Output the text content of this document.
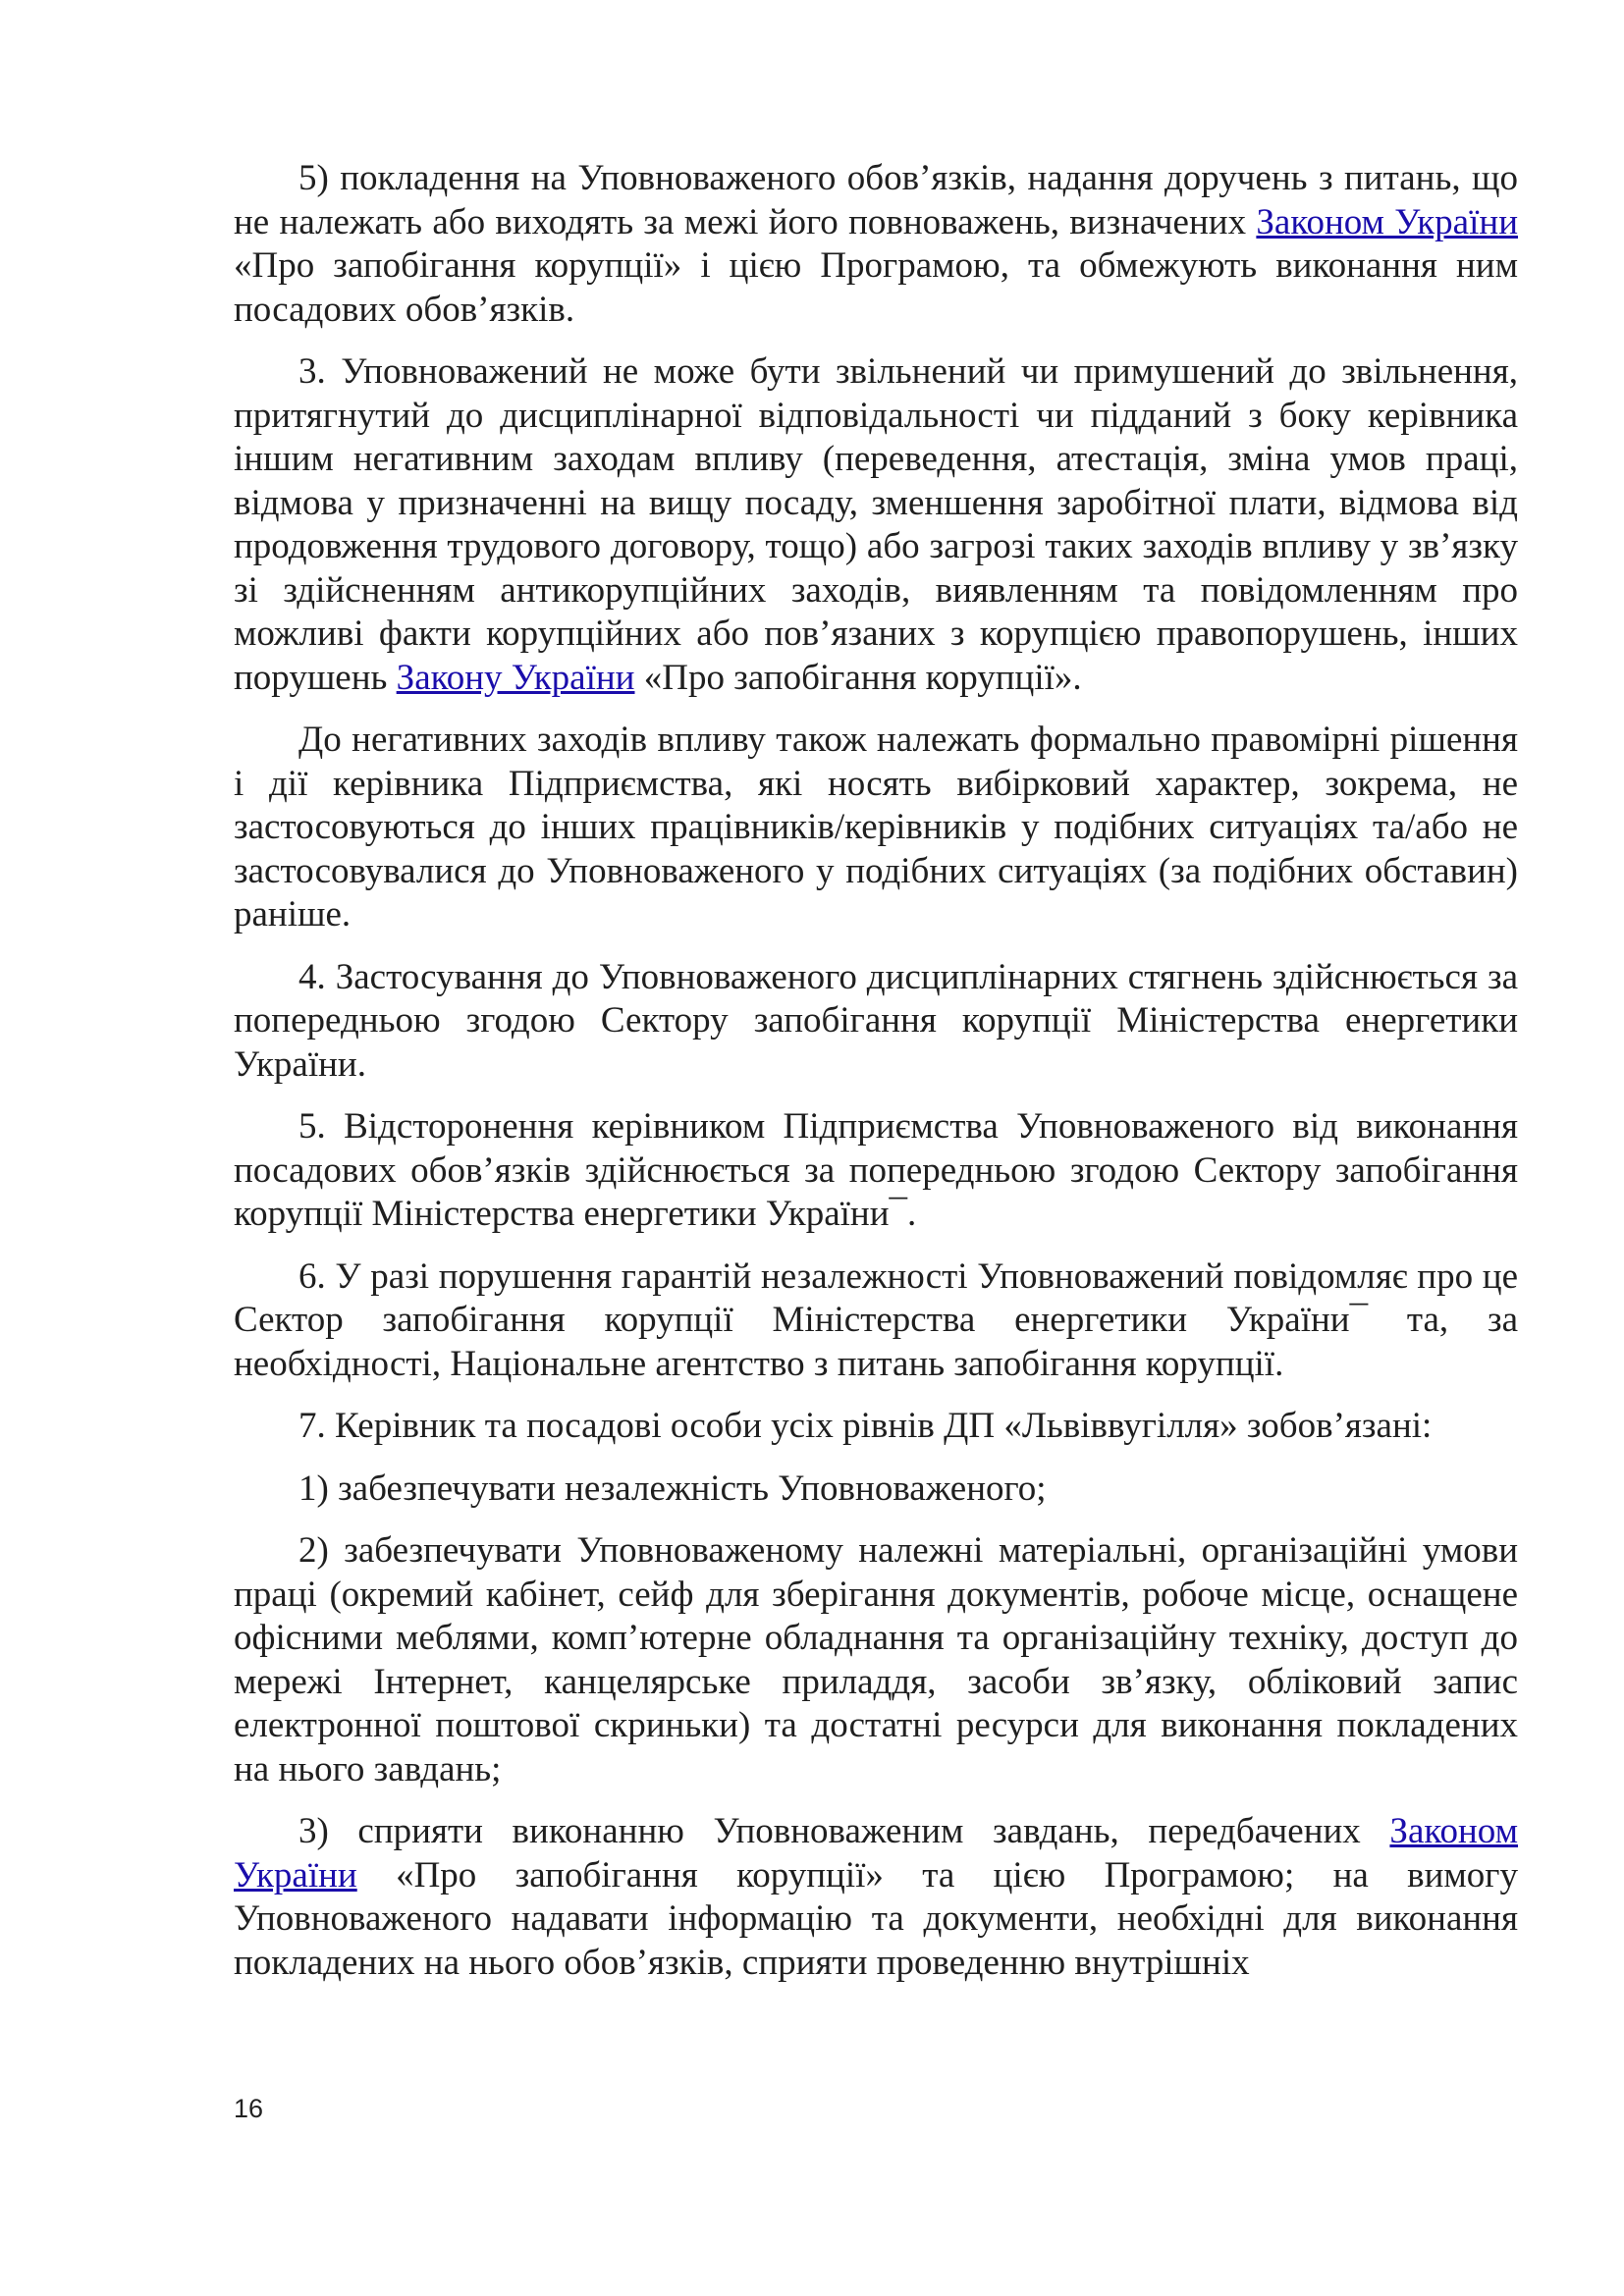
5) покладення на Уповноваженого обов’язків, надання доручень з питань, що не належать або виходять за межі його повноважень, визначених Законом України «Про запобігання корупції» і цією Програмою, та обмежують виконання ним посадових обов’язків.

3. Уповноважений не може бути звільнений чи примушений до звільнення, притягнутий до дисциплінарної відповідальності чи підданий з боку керівника іншим негативним заходам впливу (переведення, атестація, зміна умов праці, відмова у призначенні на вищу посаду, зменшення заробітної плати, відмова від продовження трудового договору, тощо) або загрозі таких заходів впливу у зв’язку зі здійсненням антикорупційних заходів, виявленням та повідомленням про можливі факти корупційних або пов’язаних з корупцією правопорушень, інших порушень Закону України «Про запобігання корупції».

До негативних заходів впливу також належать формально правомірні рішення і дії керівника Підприємства, які носять вибірковий характер, зокрема, не застосовуються до інших працівників/керівників у подібних ситуаціях та/або не застосовувалися до Уповноваженого у подібних ситуаціях (за подібних обставин) раніше.

4. Застосування до Уповноваженого дисциплінарних стягнень здійснюється за попередньою згодою Сектору запобігання корупції Міністерства енергетики України.

5. Відсторонення керівником Підприємства Уповноваженого від виконання посадових обов’язків здійснюється за попередньою згодою Сектору запобігання корупції Міністерства енергетики України¯.

6. У разі порушення гарантій незалежності Уповноважений повідомляє про це Сектор запобігання корупції Міністерства енергетики України¯ та, за необхідності, Національне агентство з питань запобігання корупції.

7. Керівник та посадові особи усіх рівнів ДП «Львіввугілля» зобов’язані:

1) забезпечувати незалежність Уповноваженого;

2) забезпечувати Уповноваженому належні матеріальні, організаційні умови праці (окремий кабінет, сейф для зберігання документів, робоче місце, оснащене офісними меблями, комп’ютерне обладнання та організаційну техніку, доступ до мережі Інтернет, канцелярське приладдя, засоби зв’язку, обліковий запис електронної поштової скриньки) та достатні ресурси для виконання покладених на нього завдань;

3) сприяти виконанню Уповноваженим завдань, передбачених Законом України «Про запобігання корупції» та цією Програмою; на вимогу Уповноваженого надавати інформацію та документи, необхідні для виконання покладених на нього обов’язків, сприяти проведенню внутрішніх

16
